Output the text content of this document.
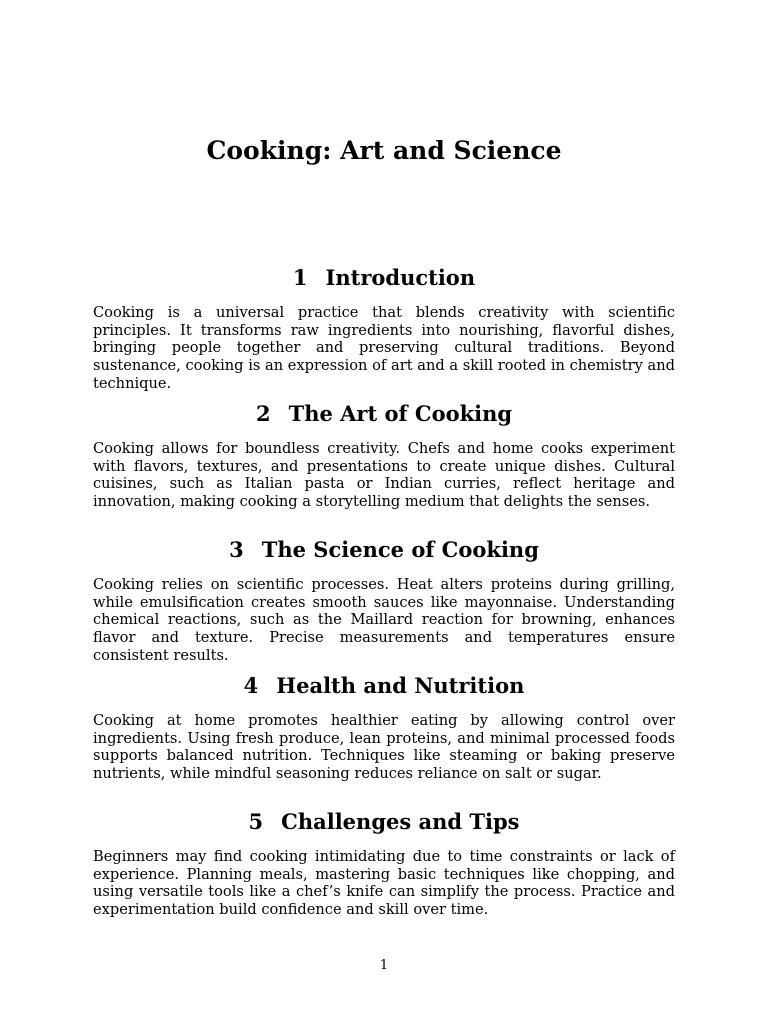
Cooking: Art and Science
1 Introduction

Cooking is a universal practice that blends creativity with scientific principles. It transforms raw ingredients into nourishing, flavorful dishes, bringing people together and preserving cultural traditions. Beyond sustenance, cooking is an expression of art and a skill rooted in chemistry and technique.

2 The Art of Cooking

Cooking allows for boundless creativity. Chefs and home cooks experiment with flavors, textures, and presentations to create unique dishes. Cultural cuisines, such as Italian pasta or Indian curries, reflect heritage and innovation, making cooking a storytelling medium that delights the senses.

3 The Science of Cooking

Cooking relies on scientific processes. Heat alters proteins during grilling, while emulsification creates smooth sauces like mayonnaise. Understanding chemical reactions, such as the Maillard reaction for browning, enhances flavor and texture. Precise measurements and temperatures ensure consistent results.

4 Health and Nutrition

Cooking at home promotes healthier eating by allowing control over ingredients. Using fresh produce, lean proteins, and minimal processed foods supports balanced nutrition. Techniques like steaming or baking preserve nutrients, while mindful seasoning reduces reliance on salt or sugar.

5 Challenges and Tips

Beginners may find cooking intimidating due to time constraints or lack of experience. Planning meals, mastering basic techniques like chopping, and using versatile tools like a chef’s knife can simplify the process. Practice and experimentation build confidence and skill over time.

1
